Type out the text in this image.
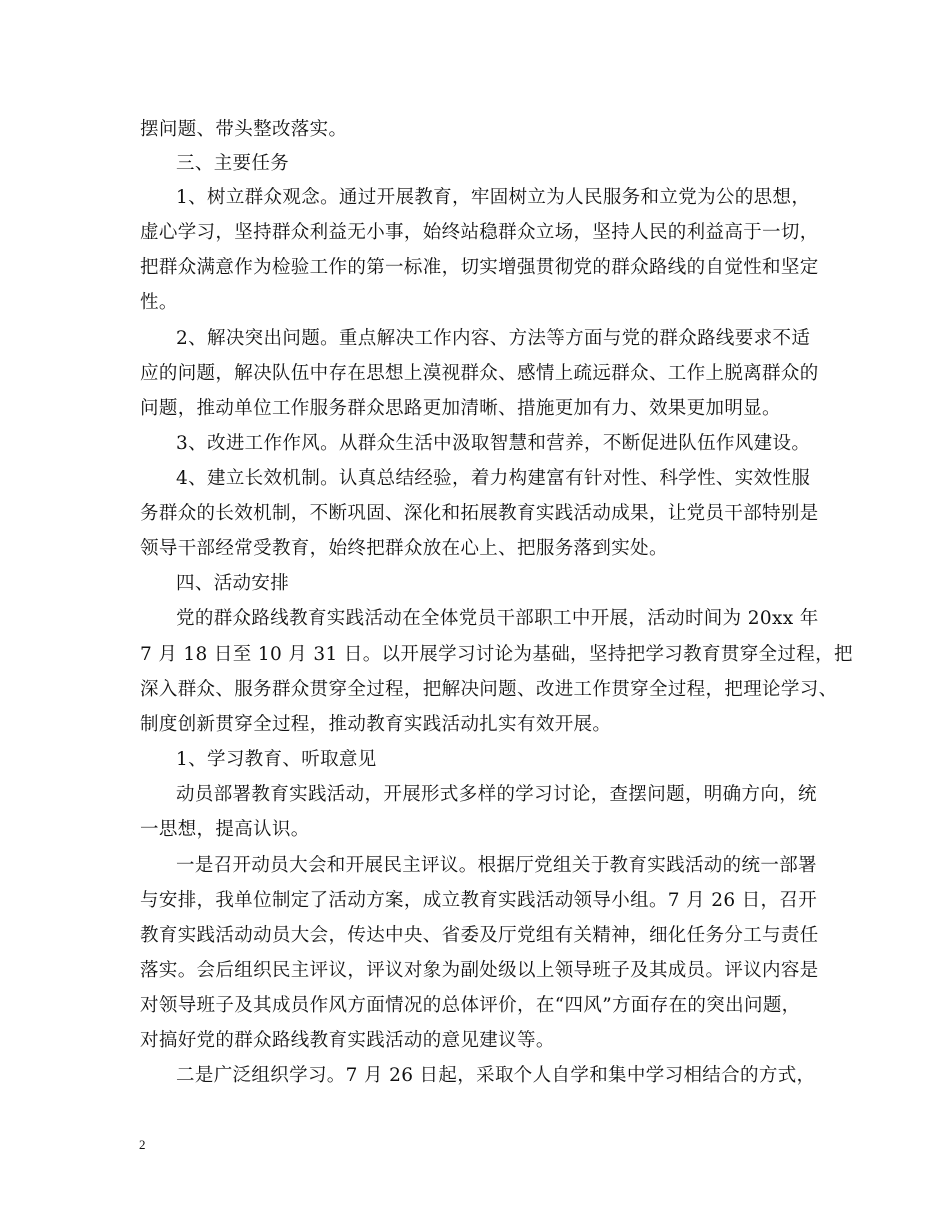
摆问题、带头整改落实。
三、主要任务
1、树立群众观念。通过开展教育，牢固树立为人民服务和立党为公的思想，
虚心学习，坚持群众利益无小事，始终站稳群众立场，坚持人民的利益高于一切，
把群众满意作为检验工作的第一标准，切实增强贯彻党的群众路线的自觉性和坚定
性。
2、解决突出问题。重点解决工作内容、方法等方面与党的群众路线要求不适
应的问题，解决队伍中存在思想上漠视群众、感情上疏远群众、工作上脱离群众的
问题，推动单位工作服务群众思路更加清晰、措施更加有力、效果更加明显。
3、改进工作作风。从群众生活中汲取智慧和营养，不断促进队伍作风建设。
4、建立长效机制。认真总结经验，着力构建富有针对性、科学性、实效性服
务群众的长效机制，不断巩固、深化和拓展教育实践活动成果，让党员干部特别是
领导干部经常受教育，始终把群众放在心上、把服务落到实处。
四、活动安排
党的群众路线教育实践活动在全体党员干部职工中开展，活动时间为 20xx 年
7 月 18 日至 10 月 31 日。以开展学习讨论为基础，坚持把学习教育贯穿全过程，把
深入群众、服务群众贯穿全过程，把解决问题、改进工作贯穿全过程，把理论学习、
制度创新贯穿全过程，推动教育实践活动扎实有效开展。
1、学习教育、听取意见
动员部署教育实践活动，开展形式多样的学习讨论，查摆问题，明确方向，统
一思想，提高认识。
一是召开动员大会和开展民主评议。根据厅党组关于教育实践活动的统一部署
与安排，我单位制定了活动方案，成立教育实践活动领导小组。7 月 26 日，召开
教育实践活动动员大会，传达中央、省委及厅党组有关精神，细化任务分工与责任
落实。会后组织民主评议，评议对象为副处级以上领导班子及其成员。评议内容是
对领导班子及其成员作风方面情况的总体评价，在“四风”方面存在的突出问题，
对搞好党的群众路线教育实践活动的意见建议等。
二是广泛组织学习。7 月 26 日起，采取个人自学和集中学习相结合的方式，
2
